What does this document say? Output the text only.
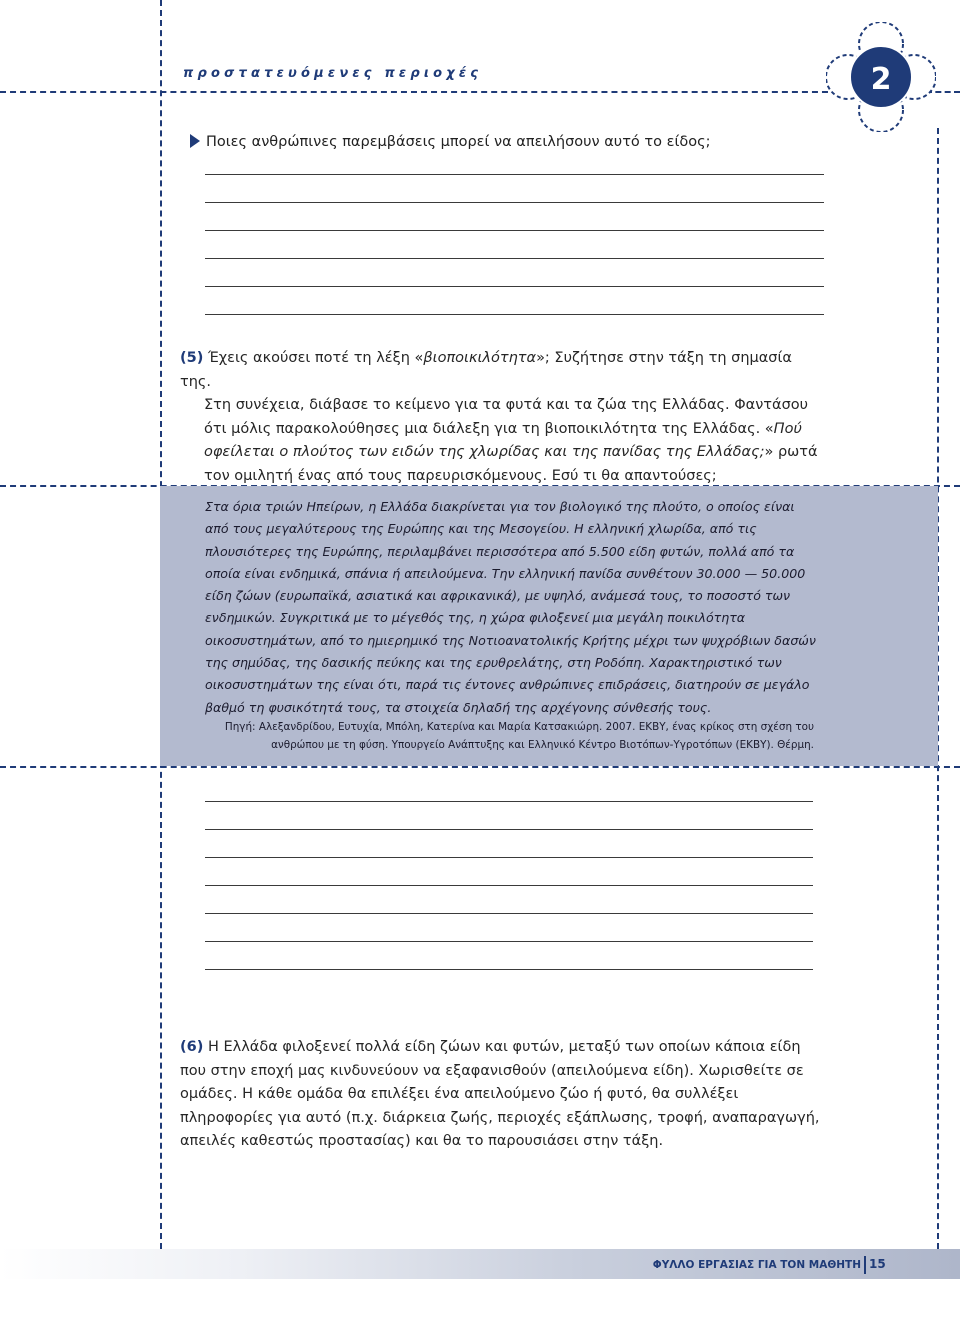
προστατευόμενες περιοχές	2
Ποιες ανθρώπινες παρεμβάσεις μπορεί να απειλήσουν αυτό το είδος;

(5) Έχεις ακούσει ποτέ τη λέξη «βιοποικιλότητα»; Συζήτησε στην τάξη τη σημασία της.
Στη συνέχεια, διάβασε το κείμενο για τα φυτά και τα ζώα της Ελλάδας. Φαντάσου ότι μόλις παρακολούθησες μια διάλεξη για τη βιοποικιλότητα της Ελλάδας. «Πού οφείλεται ο πλούτος των ειδών της χλωρίδας και της πανίδας της Ελλάδας;» ρωτά τον ομιλητή ένας από τους παρευρισκόμενους. Εσύ τι θα απαντούσες;

Στα όρια τριών Ηπείρων, η Ελλάδα διακρίνεται για τον βιολογικό της πλούτο, ο οποίος είναι από τους μεγαλύτερους της Ευρώπης και της Μεσογείου. Η ελληνική χλωρίδα, από τις πλουσιότερες της Ευρώπης, περιλαμβάνει περισσότερα από 5.500 είδη φυτών, πολλά από τα οποία είναι ενδημικά, σπάνια ή απειλούμενα. Την ελληνική πανίδα συνθέτουν 30.000 — 50.000 είδη ζώων (ευρωπαϊκά, ασιατικά και αφρικανικά), με υψηλό, ανάμεσά τους, το ποσοστό των ενδημικών. Συγκριτικά με το μέγεθός της, η χώρα φιλοξενεί μια μεγάλη ποικιλότητα οικοσυστημάτων, από το ημιερημικό της Νοτιοανατολικής Κρήτης μέχρι των ψυχρόβιων δασών της σημύδας, της δασικής πεύκης και της ερυθρελάτης, στη Ροδόπη. Χαρακτηριστικό των οικοσυστημάτων της είναι ότι, παρά τις έντονες ανθρώπινες επιδράσεις, διατηρούν σε μεγάλο βαθμό τη φυσικότητά τους, τα στοιχεία δηλαδή της αρχέγονης σύνθεσής τους.

Πηγή: Αλεξανδρίδου, Ευτυχία, Μπόλη, Κατερίνα και Μαρία Κατσακιώρη. 2007. ΕΚΒΥ, ένας κρίκος στη σχέση του ανθρώπου με τη φύση. Υπουργείο Ανάπτυξης και Ελληνικό Κέντρο Βιοτόπων-Υγροτόπων (ΕΚΒΥ). Θέρμη.

(6) Η Ελλάδα φιλοξενεί πολλά είδη ζώων και φυτών, μεταξύ των οποίων κάποια είδη που στην εποχή μας κινδυνεύουν να εξαφανισθούν (απειλούμενα είδη). Χωρισθείτε σε ομάδες. Η κάθε ομάδα θα επιλέξει ένα απειλούμενο ζώο ή φυτό, θα συλλέξει πληροφορίες για αυτό (π.χ. διάρκεια ζωής, περιοχές εξάπλωσης, τροφή, αναπαραγωγή, απειλές καθεστώς προστασίας) και θα το παρουσιάσει στην τάξη.

ΦΥΛΛΟ ΕΡΓΑΣΙΑΣ ΓΙΑ ΤΟΝ ΜΑΘΗΤΗ 15
